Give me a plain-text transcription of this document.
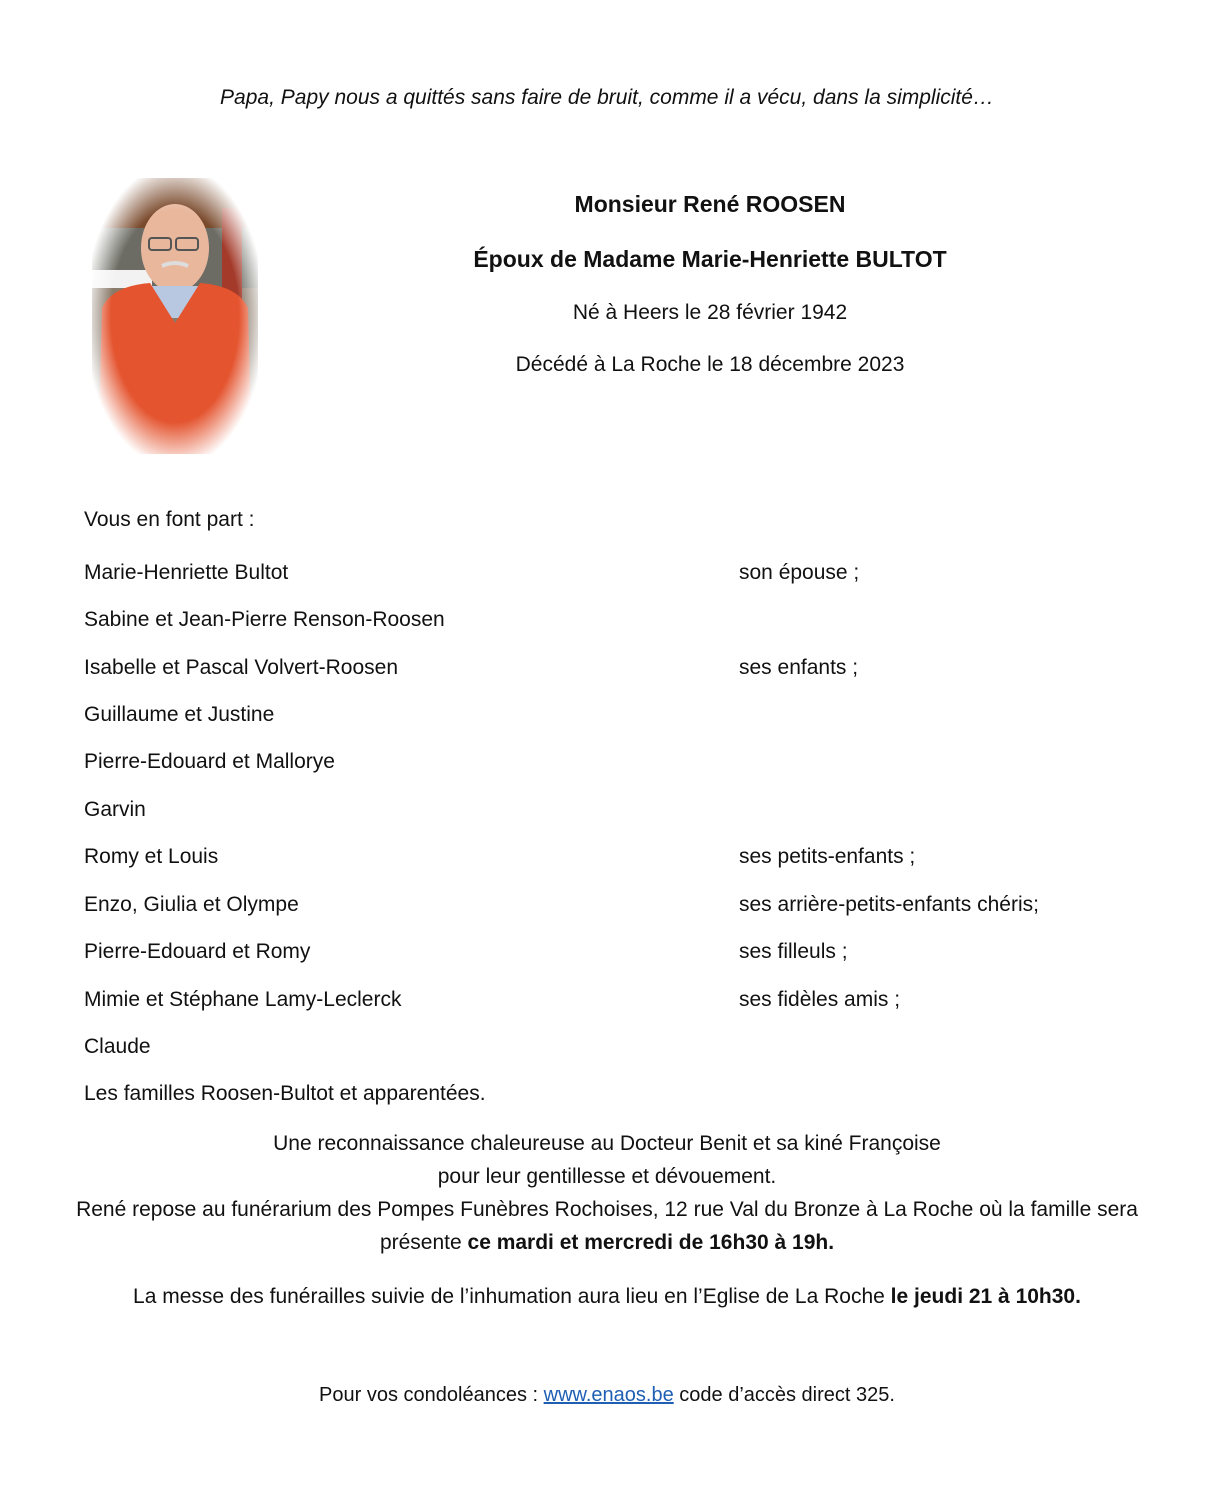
Papa, Papy nous a quittés sans faire de bruit, comme il a vécu, dans la simplicité…
Monsieur René ROOSEN
Époux de Madame Marie-Henriette BULTOT
Né à Heers le 28 février 1942
Décédé à La Roche le 18 décembre 2023
Vous en font part :
Marie-Henriette Bultot	son épouse ;
Sabine et Jean-Pierre Renson-Roosen
Isabelle et Pascal Volvert-Roosen	ses enfants ;
Guillaume et Justine
Pierre-Edouard et Mallorye
Garvin
Romy et Louis	ses petits-enfants ;
Enzo, Giulia et Olympe	ses arrière-petits-enfants chéris;
Pierre-Edouard et Romy	ses filleuls ;
Mimie et Stéphane Lamy-Leclerck	ses fidèles amis ;
Claude
Les familles Roosen-Bultot et apparentées.
Une reconnaissance chaleureuse au Docteur Benit et sa kiné Françoise
pour leur gentillesse et dévouement.
René repose au funérarium des Pompes Funèbres Rochoises, 12 rue Val du Bronze à La Roche où la famille sera présente ce mardi et mercredi de 16h30 à 19h.
La messe des funérailles suivie de l’inhumation aura lieu en l’Eglise de La Roche le jeudi 21 à 10h30.
Pour vos condoléances : www.enaos.be code d’accès direct 325.
